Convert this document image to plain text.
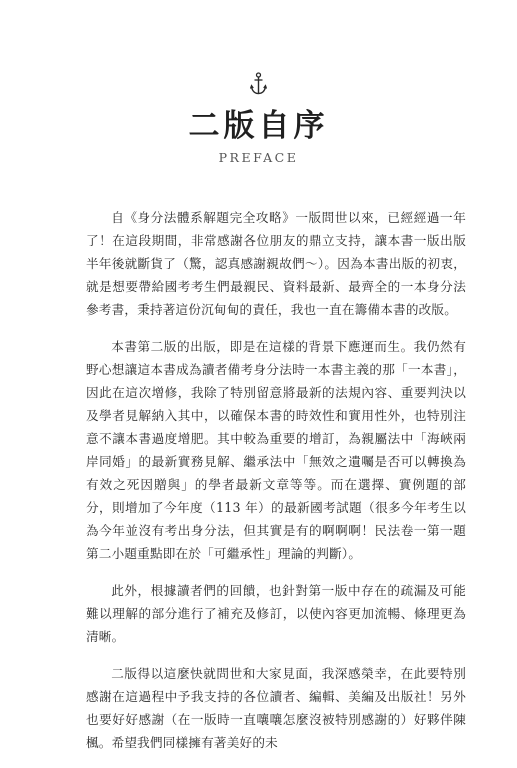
二版自序
PREFACE

自《身分法體系解題完全攻略》一版問世以來，已經經過一年了！在這段期間，非常感謝各位朋友的鼎立支持，讓本書一版出版半年後就斷貨了（驚，認真感謝親故們～）。因為本書出版的初衷，就是想要帶給國考考生們最親民、資料最新、最齊全的一本身分法參考書，秉持著這份沉甸甸的責任，我也一直在籌備本書的改版。

本書第二版的出版，即是在這樣的背景下應運而生。我仍然有野心想讓這本書成為讀者備考身分法時一本書主義的那「一本書」，因此在這次增修，我除了特別留意將最新的法規內容、重要判決以及學者見解納入其中，以確保本書的時效性和實用性外，也特別注意不讓本書過度增肥。其中較為重要的增訂，為親屬法中「海峽兩岸同婚」的最新實務見解、繼承法中「無效之遺囑是否可以轉換為有效之死因贈與」的學者最新文章等等。而在選擇、實例題的部分，則增加了今年度（113 年）的最新國考試題（很多今年考生以為今年並沒有考出身分法，但其實是有的啊啊啊！民法卷一第一題第二小題重點即在於「可繼承性」理論的判斷）。

此外，根據讀者們的回饋，也針對第一版中存在的疏漏及可能難以理解的部分進行了補充及修訂，以使內容更加流暢、條理更為清晰。

二版得以這麼快就問世和大家見面，我深感榮幸，在此要特別感謝在這過程中予我支持的各位讀者、編輯、美編及出版社！另外也要好好感謝（在一版時一直嚷嚷怎麼沒被特別感謝的）好夥伴陳楓。希望我們同樣擁有著美好的未
